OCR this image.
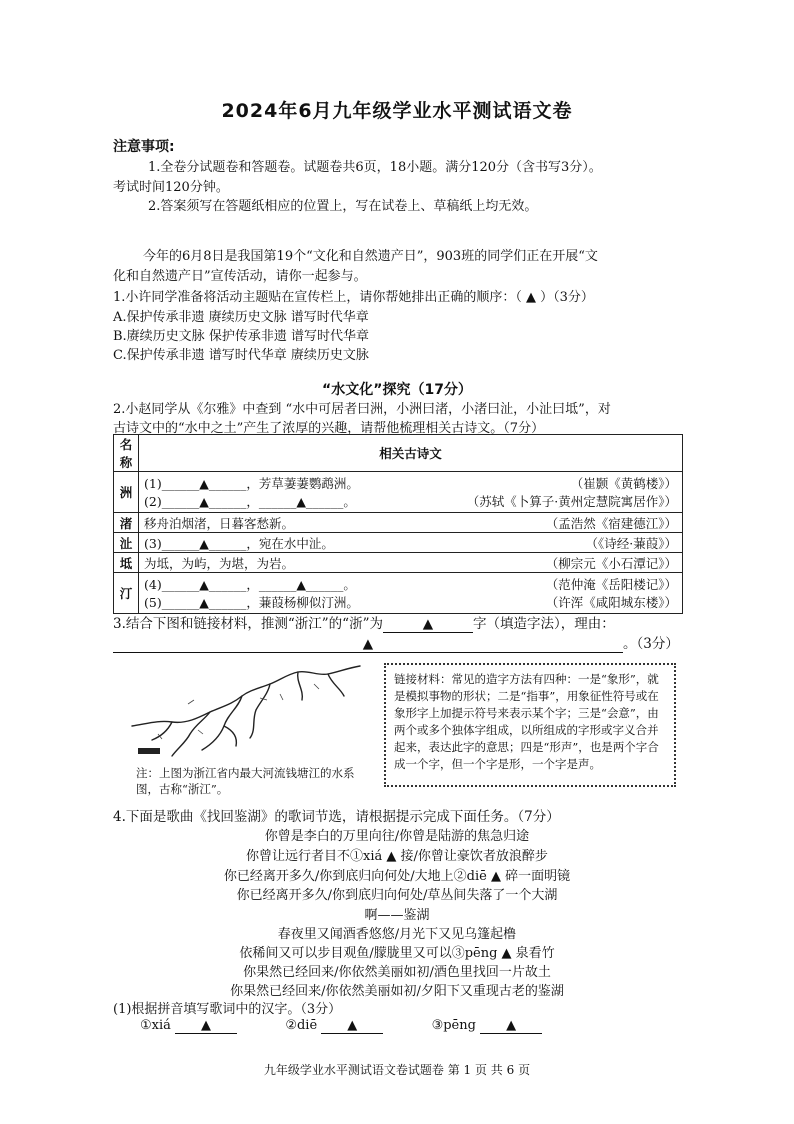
2024年6月九年级学业水平测试语文卷
注意事项:
1.全卷分试题卷和答题卷。试题卷共6页，18小题。满分120分（含书写3分）。
考试时间120分钟。
2.答案须写在答题纸相应的位置上，写在试卷上、草稿纸上均无效。
今年的6月8日是我国第19个“文化和自然遗产日”，903班的同学们正在开展“文
化和自然遗产日”宣传活动，请你一起参与。
1.小许同学准备将活动主题贴在宣传栏上，请你帮她排出正确的顺序：（ ▲ ）（3分）
A.保护传承非遗 赓续历史文脉 谱写时代华章
B.赓续历史文脉 保护传承非遗 谱写时代华章
C.保护传承非遗 谱写时代华章 赓续历史文脉
“水文化”探究（17分）
2.小赵同学从《尔雅》中查到 “水中可居者曰洲，小洲曰渚，小渚曰沚，小沚曰坻”，对
古诗文中的“水中之土”产生了浓厚的兴趣，请帮他梳理相关古诗文。（7分）
名称	相关古诗文
洲	(1)______▲______，芳草萋萋鹦鹉洲。 （崔颢《黄鹤楼》）
(2)______▲______，______▲______。 （苏轼《卜算子·黄州定慧院寓居作》）

渚	移舟泊烟渚，日暮客愁新。 （孟浩然《宿建德江》）

沚	(3)______▲______，宛在水中沚。 （《诗经·蒹葭》）

坻	为坻，为屿，为堪，为岩。 （柳宗元《小石潭记》）

汀	(4)______▲______，______▲______。 （范仲淹《岳阳楼记》）
(5)______▲______，蒹葭杨柳似汀洲。 （许浑《咸阳城东楼》）
3.结合下图和链接材料，推测“浙江”的“浙”为	▲	字（填造字法），理由：
▲	。（3分）
注：上图为浙江省内最大河流钱塘江的水系图，古称“浙江”。
链接材料：常见的造字方法有四种：一是“象形”，就是模拟事物的形状；二是“指事”，用象征性符号或在象形字上加提示符号来表示某个字；三是“会意”，由两个或多个独体字组成，以所组成的字形或字义合并起来，表达此字的意思；四是“形声”，也是两个字合成一个字，但一个字是形，一个字是声。
4.下面是歌曲《找回鉴湖》的歌词节选，请根据提示完成下面任务。（7分）
你曾是李白的万里向往/你曾是陆游的焦急归途
你曾让远行者目不①xiá ▲ 接/你曾让豪饮者放浪醉步
你已经离开多久/你到底归向何处/大地上②diē ▲ 碎一面明镜
你已经离开多久/你到底归向何处/草丛间失落了一个大湖
啊——鉴湖
春夜里又闻酒香悠悠/月光下又见乌篷起橹
依稀间又可以步目观鱼/朦胧里又可以③pēng ▲ 泉看竹
你果然已经回来/你依然美丽如初/酒色里找回一片故土
你果然已经回来/你依然美丽如初/夕阳下又重现古老的鉴湖
(1)根据拼音填写歌词中的汉字。（3分）
①xiá ▲	②diē ▲	③pēng ▲
九年级学业水平测试语文卷试题卷 第 1 页 共 6 页
